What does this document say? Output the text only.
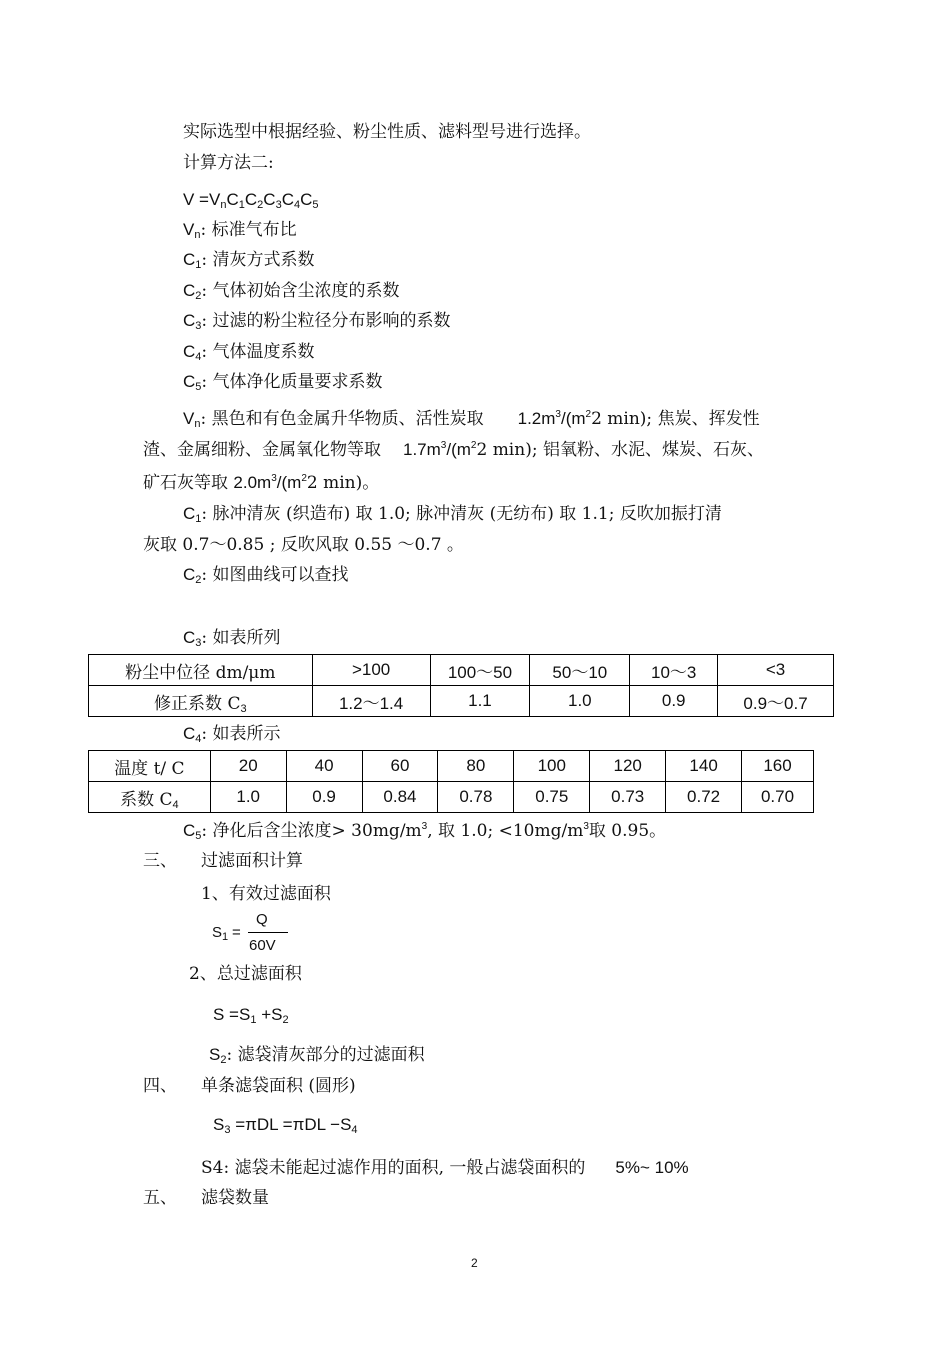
实际选型中根据经验、粉尘性质、滤料型号进行选择。
计算方法二:
$V =V_nC_1C_2C_3C_4C_5$
$V_n$: 标准气布比
$C_1$: 清灰方式系数
$C_2$: 气体初始含尘浓度的系数
$C_3$: 过滤的粉尘粒径分布影响的系数
$C_4$: 气体温度系数
$C_5$: 气体净化质量要求系数
$V_n$: 黑色和有色金属升华物质、活性炭取 $1.2m^3/(m^22$ min); 焦炭、挥发性
渣、金属细粉、金属氧化物等取 $1.7m^3/(m^22$ min); 铝氧粉、水泥、煤炭、石灰、
矿石灰等取 $2.0m^3/(m^22$ min)。
$C_1$: 脉冲清灰 (织造布) 取 1.0; 脉冲清灰 (无纺布) 取 1.1; 反吹加振打清
灰取 0.7～0.85 ; 反吹风取 0.55 ～0.7 。
$C_2$: 如图曲线可以查找
$C_3$: 如表所列
粉尘中位径 dm/μm	>100	100～50	50～10	10～3	<3
修正系数 $C_3$	1.2～1.4	1.1	1.0	0.9	0.9～0.7
$C_4$: 如表所示
温度 t/ C	20	40	60	80	100	120	140	160
系数 $C_4$	1.0	0.9	0.84	0.78	0.75	0.73	0.72	0.70
$C_5$: 净化后含尘浓度> $30mg/m^3$, 取 1.0; $<10mg/m^3$取 0.95。
三、 过滤面积计算
1、有效过滤面积
$S_1$ =
Q
60V
2、总过滤面积
$S =S_1 +S_2$
$S_2$: 滤袋清灰部分的过滤面积
四、 单条滤袋面积 (圆形)
$S_3 =\pi DL =\pi DL -S_4$
S4: 滤袋未能起过滤作用的面积, 一般占滤袋面积的 5%~ 10%
五、 滤袋数量
2
